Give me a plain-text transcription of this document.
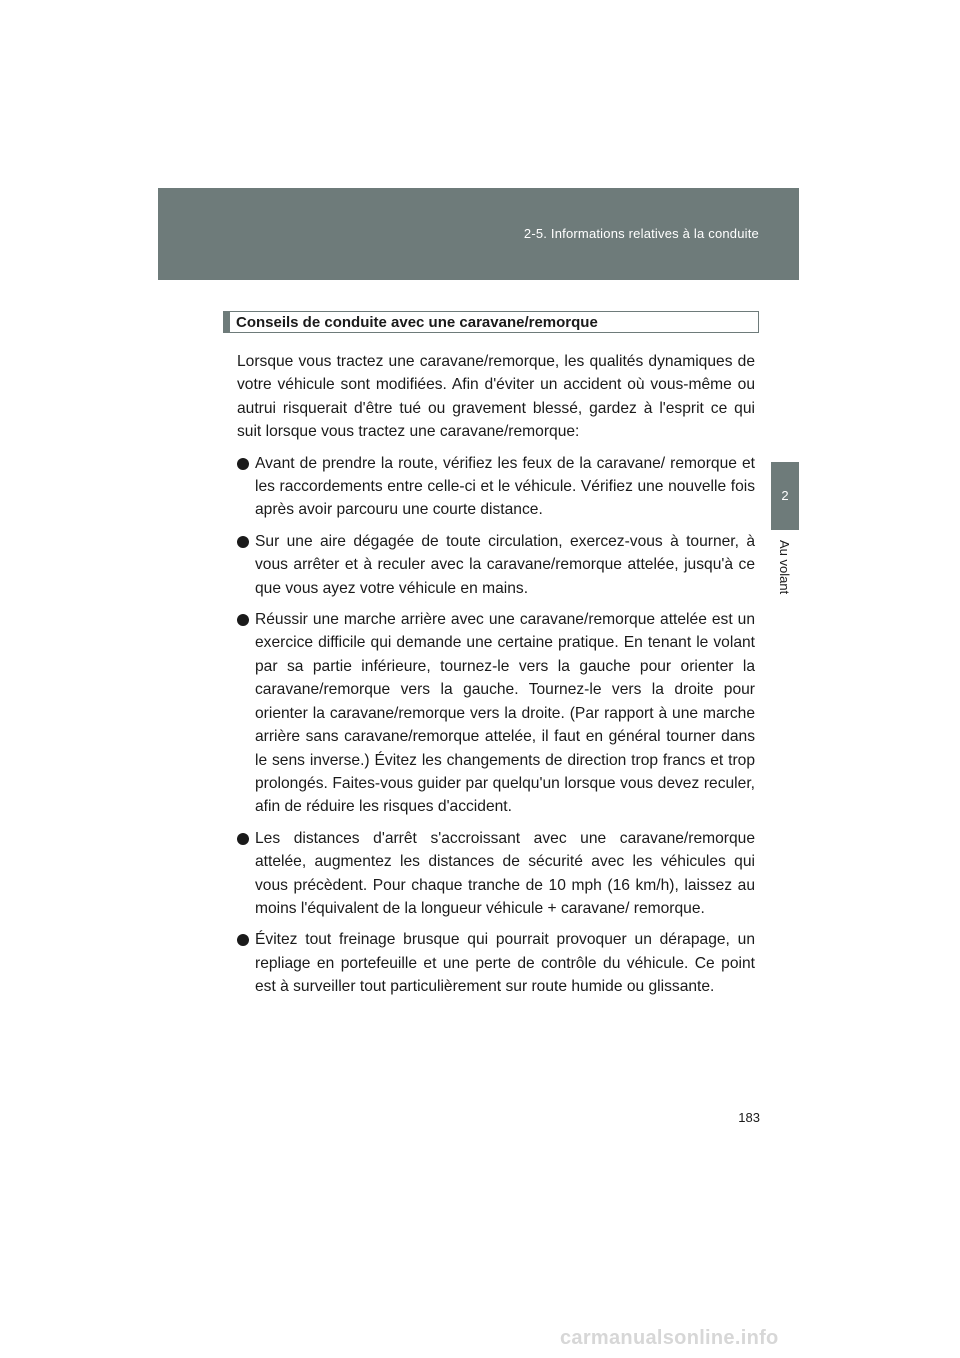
2-5. Informations relatives à la conduite
2
Au volant
Conseils de conduite avec une caravane/remorque

Lorsque vous tractez une caravane/remorque, les qualités dynamiques de votre véhicule sont modifiées. Afin d'éviter un accident où vous-même ou autrui risquerait d'être tué ou gravement blessé, gardez à l'esprit ce qui suit lorsque vous tractez une caravane/remorque:

Avant de prendre la route, vérifiez les feux de la caravane/ remorque et les raccordements entre celle-ci et le véhicule. Vérifiez une nouvelle fois après avoir parcouru une courte distance.
Sur une aire dégagée de toute circulation, exercez-vous à tourner, à vous arrêter et à reculer avec la caravane/remorque attelée, jusqu'à ce que vous ayez votre véhicule en mains.
Réussir une marche arrière avec une caravane/remorque attelée est un exercice difficile qui demande une certaine pratique. En tenant le volant par sa partie inférieure, tournez-le vers la gauche pour orienter la caravane/remorque vers la gauche. Tournez-le vers la droite pour orienter la caravane/remorque vers la droite. (Par rapport à une marche arrière sans caravane/remorque attelée, il faut en général tourner dans le sens inverse.) Évitez les changements de direction trop francs et trop prolongés. Faites-vous guider par quelqu'un lorsque vous devez reculer, afin de réduire les risques d'accident.
Les distances d'arrêt s'accroissant avec une caravane/remorque attelée, augmentez les distances de sécurité avec les véhicules qui vous précèdent. Pour chaque tranche de 10 mph (16 km/h), laissez au moins l'équivalent de la longueur véhicule + caravane/ remorque.
Évitez tout freinage brusque qui pourrait provoquer un dérapage, un repliage en portefeuille et une perte de contrôle du véhicule. Ce point est à surveiller tout particulièrement sur route humide ou glissante.
183
carmanualsonline.info
